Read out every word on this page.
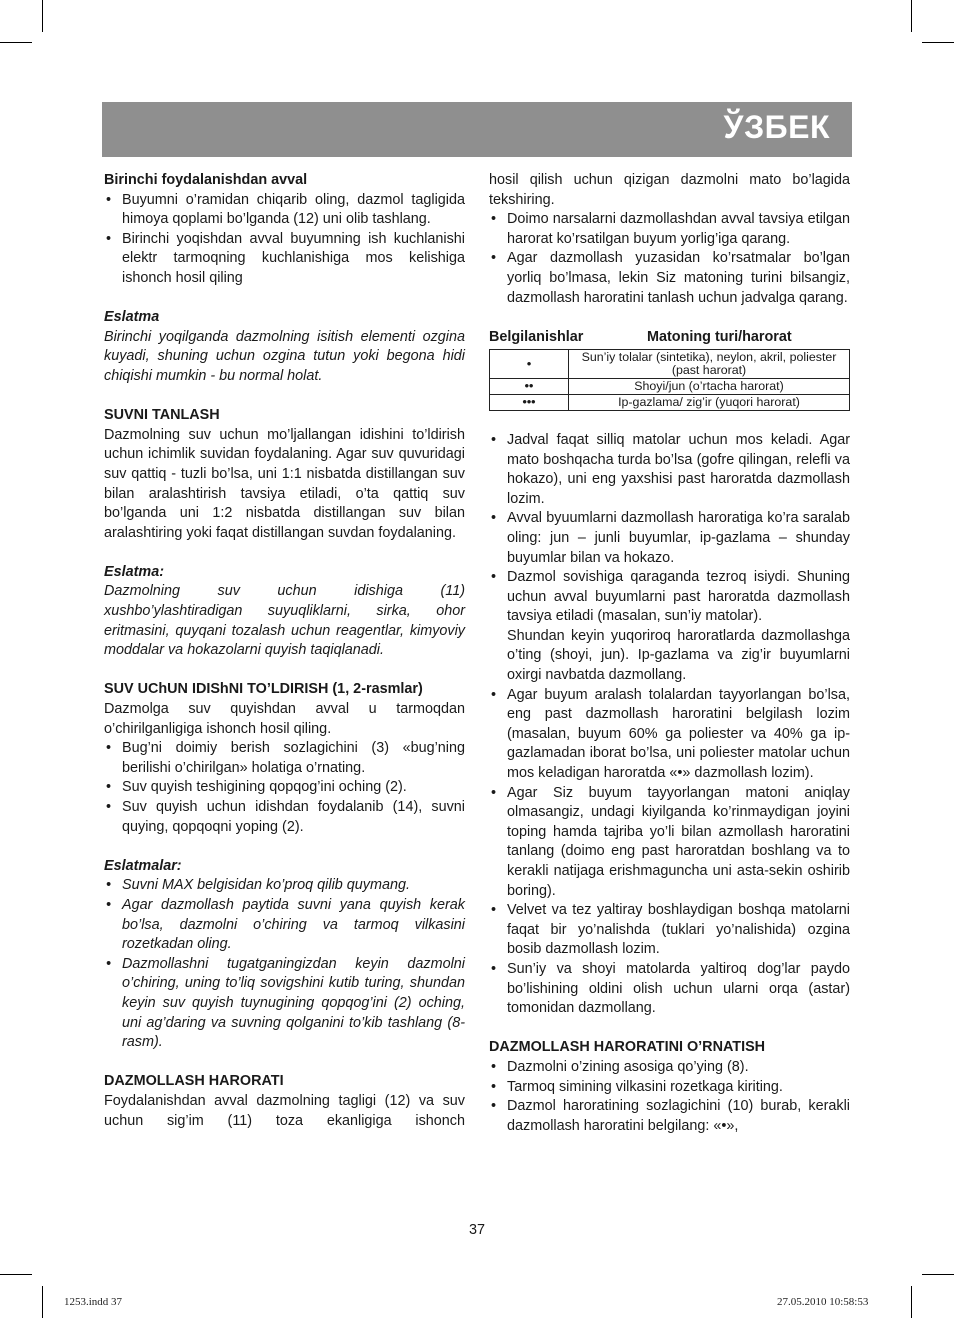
ЎЗБЕК
Birinchi foydalanishdan avval
• Buyumni o’ramidan chiqarib oling, dazmol tagligida himoya qoplami bo’lganda (12) uni olib tashlang.
• Birinchi yoqishdan avval buyumning ish kuchlanishi elektr tarmoqning kuchlanishiga mos kelishiga ishonch hosil qiling
Eslatma
Birinchi yoqilganda dazmolning isitish elementi ozgina kuyadi, shuning uchun ozgina tutun yoki begona hidi chiqishi mumkin - bu normal holat.
SUVNI TANLASH
Dazmolning suv uchun mo’ljallangan idishini to’ldirish uchun ichimlik suvidan foydalaning. Agar suv quvuridagi suv qattiq - tuzli bo’lsa, uni 1:1 nisbatda distillangan suv bilan aralashtirish tavsiya etiladi, o’ta qattiq suv bo’lganda uni 1:2 nisbatda distillangan suv bilan aralashtiring yoki faqat distillangan suvdan foydalaning.
Eslatma:
Dazmolning suv uchun idishiga (11) xushbo’ylashtiradigan suyuqliklarni, sirka, ohor eritmasini, quyqani tozalash uchun reagentlar, kimyoviy moddalar va hokazolarni quyish taqiqlanadi.
SUV UChUN IDIShNI TO’LDIRISH (1, 2-rasmlar)
Dazmolga suv quyishdan avval u tarmoqdan o’chirilganligiga ishonch hosil qiling.
• Bug’ni doimiy berish sozlagichini (3) «bug’ning berilishi o’chirilgan» holatiga o’rnating.
• Suv quyish teshigining qopqog’ini oching (2).
• Suv quyish uchun idishdan foydalanib (14), suvni quying, qopqoqni yoping (2).
Eslatmalar:
• Suvni MAX belgisidan ko’proq qilib quymang.
• Agar dazmollash paytida suvni yana quyish kerak bo’lsa, dazmolni o’chiring va tarmoq vilkasini rozetkadan oling.
• Dazmollashni tugatganingizdan keyin dazmolni o’chiring, uning to’liq sovigshini kutib turing, shundan keyin suv quyish tuynugining qopqog’ini (2) oching, uni ag’daring va suvning qolganini to’kib tashlang (8-rasm).
DAZMOLLASH HARORATI
Foydalanishdan avval dazmolning tagligi (12) va suv uchun sig’im (11) toza ekanligiga ishonch
hosil qilish uchun qizigan dazmolni mato bo’lagida tekshiring.
• Doimo narsalarni dazmollashdan avval tavsiya etilgan harorat ko’rsatilgan buyum yorlig’iga qarang.
• Agar dazmollash yuzasidan ko’rsatmalar bo’lgan yorliq bo’lmasa, lekin Siz matoning turini bilsangiz, dazmollash haroratini tanlash uchun jadvalga qarang.
Belgilanishlar	Matoning turi/harorat
•	Sun’iy tolalar (sintetika), neylon, akril, poliester (past harorat)
••	Shoyi/jun (o’rtacha harorat)
•••	Ip-gazlama/ zig’ir (yuqori harorat)
• Jadval faqat silliq matolar uchun mos keladi. Agar mato boshqacha turda bo’lsa (gofre qilingan, relefli va hokazo), uni eng yaxshisi past haroratda dazmollash lozim.
• Avval byuumlarni dazmollash haroratiga ko’ra saralab oling: jun – junli buyumlar, ip-gazlama – shunday buyumlar bilan va hokazo.
• Dazmol sovishiga qaraganda tezroq isiydi. Shuning uchun avval buyumlarni past haroratda dazmollash tavsiya etiladi (masalan, sun’iy matolar).
Shundan keyin yuqoriroq haroratlarda dazmollashga o’ting (shoyi, jun). Ip-gazlama va zig’ir buyumlarni oxirgi navbatda dazmollang.
• Agar buyum aralash tolalardan tayyorlangan bo’lsa, eng past dazmollash haroratini belgilash lozim (masalan, buyum 60% ga poliester va 40% ga ip-gazlamadan iborat bo’lsa, uni poliester matolar uchun mos keladigan haroratda «•» dazmollash lozim).
• Agar Siz buyum tayyorlangan matoni aniqlay olmasangiz, undagi kiyilganda ko’rinmaydigan joyini toping hamda tajriba yo’li bilan azmollash haroratini tanlang (doimo eng past haroratdan boshlang va to kerakli natijaga erishmaguncha uni asta-sekin oshirib boring).
• Velvet va tez yaltiray boshlaydigan boshqa matolarni faqat bir yo’nalishda (tuklari yo’nalishida) ozgina bosib dazmollash lozim.
• Sun’iy va shoyi matolarda yaltiroq dog’lar paydo bo’lishining oldini olish uchun ularni orqa (astar) tomonidan dazmollang.
DAZMOLLASH HARORATINI O’RNATISH
• Dazmolni o’zining asosiga qo’ying (8).
• Tarmoq simining vilkasini rozetkaga kiriting.
• Dazmol haroratining sozlagichini (10) burab, kerakli dazmollash haroratini belgilang: «•»,
37
1253.indd 37	27.05.2010 10:58:53
